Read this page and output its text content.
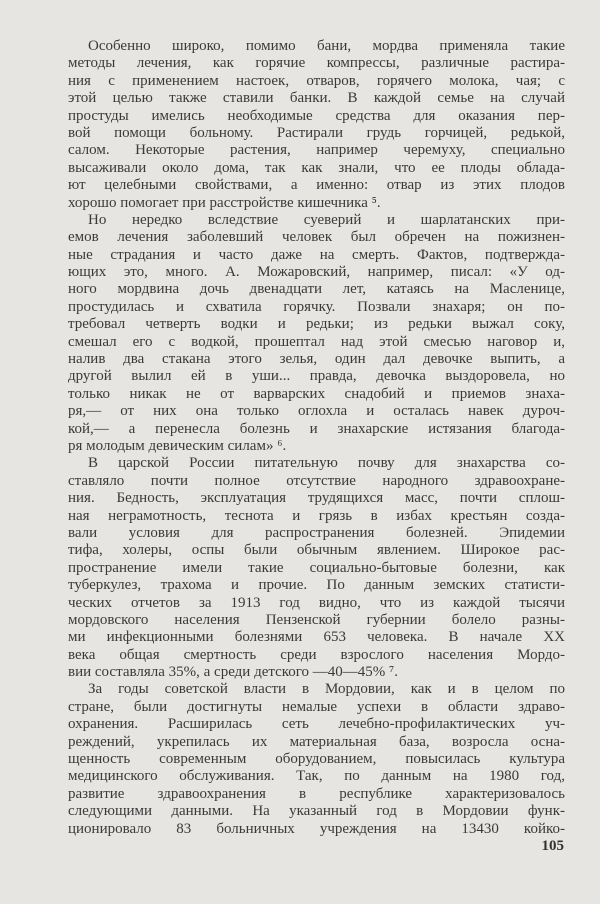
Особенно широко, помимо бани, мордва применяла такие
методы лечения, как горячие компрессы, различные растира-
ния с применением настоек, отваров, горячего молока, чая; с
этой целью также ставили банки. В каждой семье на случай
простуды имелись необходимые средства для оказания пер-
вой помощи больному. Растирали грудь горчицей, редькой,
салом. Некоторые растения, например черемуху, специально
высаживали около дома, так как знали, что ее плоды облада-
ют целебными свойствами, а именно: отвар из этих плодов
хорошо помогает при расстройстве кишечника ⁵.
Но нередко вследствие суеверий и шарлатанских при-
емов лечения заболевший человек был обречен на пожизнен-
ные страдания и часто даже на смерть. Фактов, подтвержда-
ющих это, много. А. Можаровский, например, писал: «У од-
ного мордвина дочь двенадцати лет, катаясь на Масленице,
простудилась и схватила горячку. Позвали знахаря; он по-
требовал четверть водки и редьки; из редьки выжал соку,
смешал его с водкой, прошептал над этой смесью наговор и,
налив два стакана этого зелья, один дал девочке выпить, а
другой вылил ей в уши... правда, девочка выздоровела, но
только никак не от варварских снадобий и приемов знаха-
ря,— от них она только оглохла и осталась навек дуроч-
кой,— а перенесла болезнь и знахарские истязания благода-
ря молодым девическим силам» ⁶.
В царской России питательную почву для знахарства со-
ставляло почти полное отсутствие народного здравоохране-
ния. Бедность, эксплуатация трудящихся масс, почти сплош-
ная неграмотность, теснота и грязь в избах крестьян созда-
вали условия для распространения болезней. Эпидемии
тифа, холеры, оспы были обычным явлением. Широкое рас-
пространение имели такие социально-бытовые болезни, как
туберкулез, трахома и прочие. По данным земских статисти-
ческих отчетов за 1913 год видно, что из каждой тысячи
мордовского населения Пензенской губернии болело разны-
ми инфекционными болезнями 653 человека. В начале XX
века общая смертность среди взрослого населения Мордо-
вии составляла 35%, а среди детского —40—45% ⁷.
За годы советской власти в Мордовии, как и в целом по
стране, были достигнуты немалые успехи в области здраво-
охранения. Расширилась сеть лечебно-профилактических уч-
реждений, укрепилась их материальная база, возросла осна-
щенность современным оборудованием, повысилась культура
медицинского обслуживания. Так, по данным на 1980 год,
развитие здравоохранения в республике характеризовалось
следующими данными. На указанный год в Мордовии функ-
ционировало 83 больничных учреждения на 13430 койко-
105
